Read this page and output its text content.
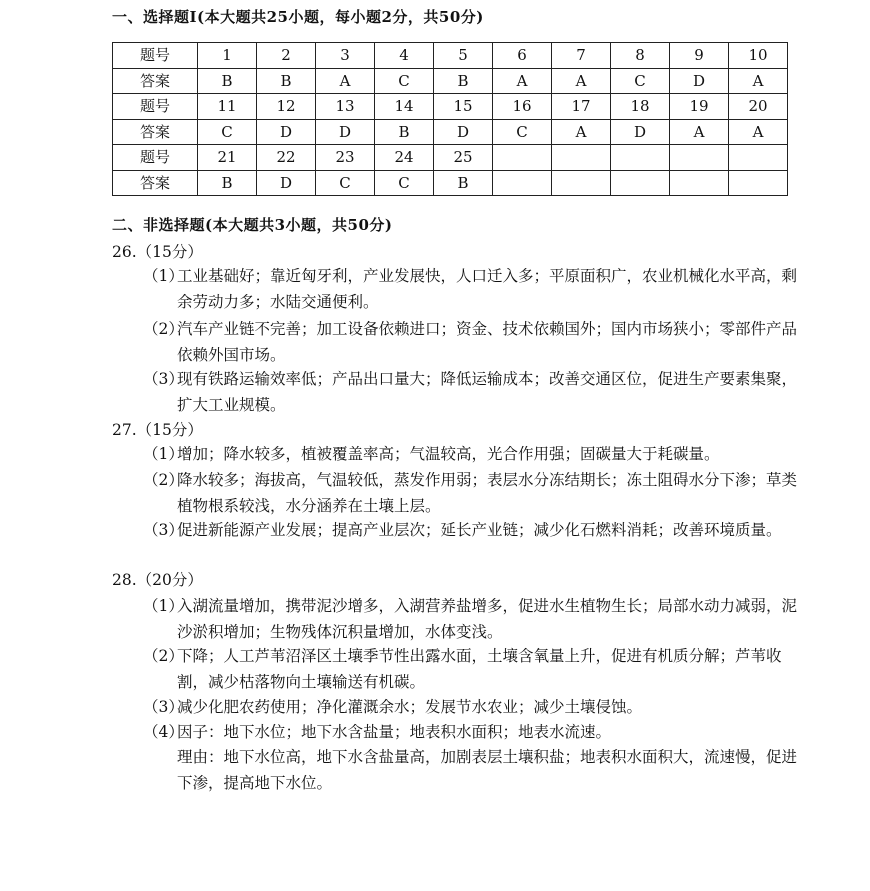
一、选择题Ⅰ(本大题共25小题，每小题2分，共50分)
题号	1	2	3	4	5	6	7	8	9	10
答案	B	B	A	C	B	A	A	C	D	A
题号	11	12	13	14	15	16	17	18	19	20
答案	C	D	D	B	D	C	A	D	A	A
题号	21	22	23	24	25					
答案	B	D	C	C	B					
二、非选择题(本大题共3小题，共50分)
26.（15分）
（1）
工业基础好；靠近匈牙利，产业发展快，人口迁入多；平原面积广，农业机械化水平高，剩余劳动力多；水陆交通便利。
（2）
汽车产业链不完善；加工设备依赖进口；资金、技术依赖国外；国内市场狭小；零部件产品依赖外国市场。
（3）
现有铁路运输效率低；产品出口量大；降低运输成本；改善交通区位，促进生产要素集聚，扩大工业规模。
27.（15分）
（1）
增加；降水较多，植被覆盖率高；气温较高，光合作用强；固碳量大于耗碳量。
（2）
降水较多；海拔高，气温较低，蒸发作用弱；表层水分冻结期长；冻土阻碍水分下渗；草类植物根系较浅，水分涵养在土壤上层。
（3）
促进新能源产业发展；提高产业层次；延长产业链；减少化石燃料消耗；改善环境质量。
28.（20分）
（1）
入湖流量增加，携带泥沙增多，入湖营养盐增多，促进水生植物生长；局部水动力减弱，泥沙淤积增加；生物残体沉积量增加，水体变浅。
（2）
下降；人工芦苇沼泽区土壤季节性出露水面，土壤含氧量上升，促进有机质分解；芦苇收割，减少枯落物向土壤输送有机碳。
（3）
减少化肥农药使用；净化灌溉余水；发展节水农业；减少土壤侵蚀。
（4）
因子：地下水位；地下水含盐量；地表积水面积；地表水流速。
理由：地下水位高，地下水含盐量高，加剧表层土壤积盐；地表积水面积大，流速慢，促进下渗，提高地下水位。
